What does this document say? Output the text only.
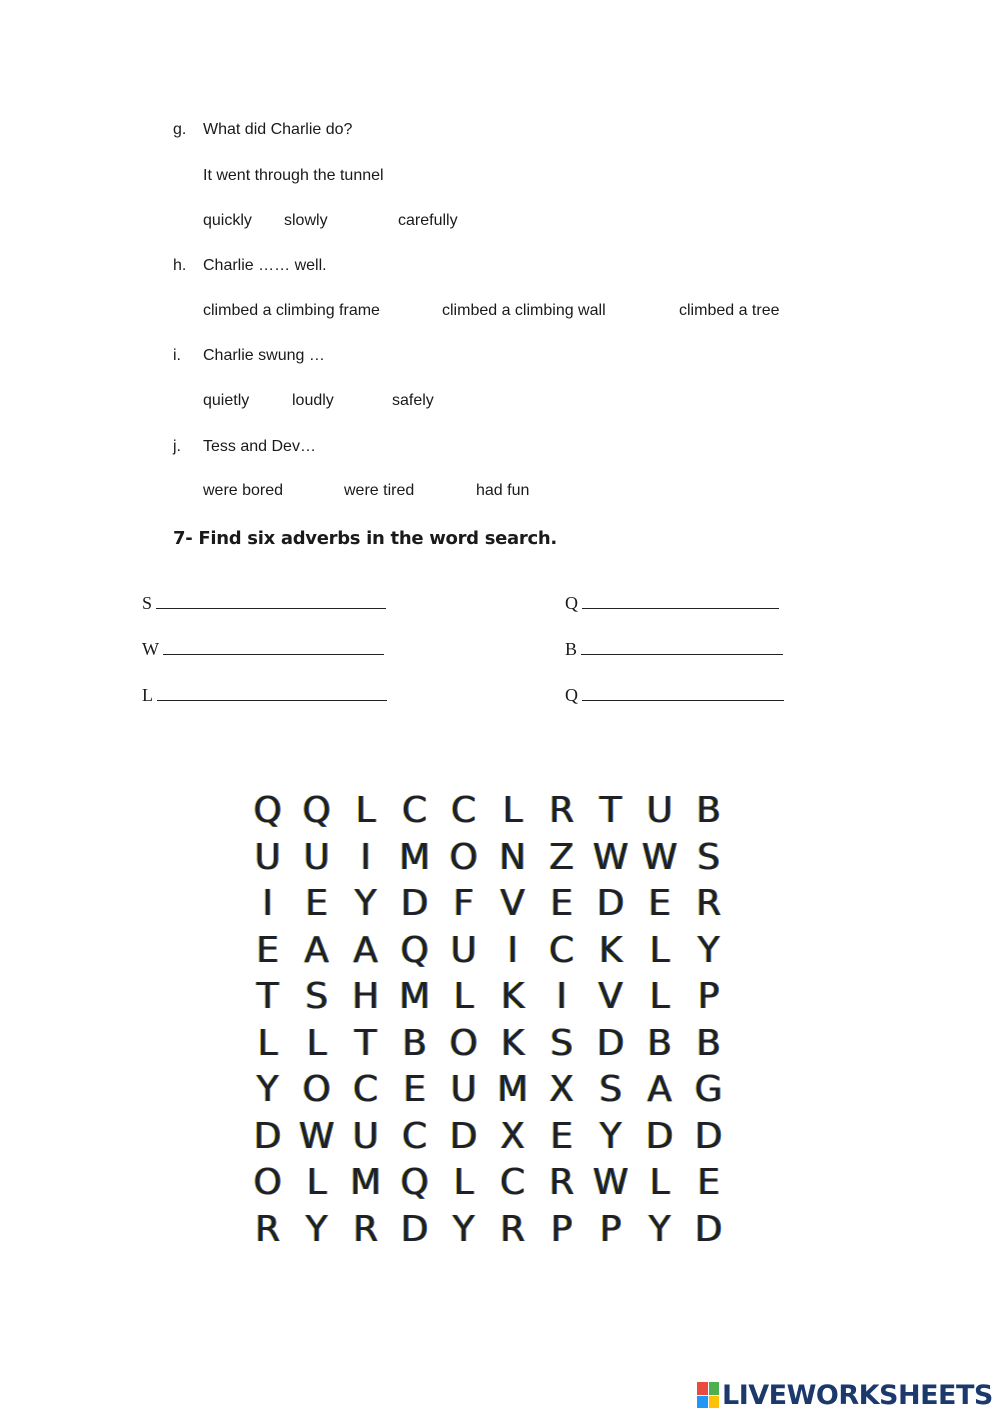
g. What did Charlie do?
It went through the tunnel
quickly slowly	carefully
h. Charlie …… well.
climbed a climbing frame	climbed a climbing wall	climbed a tree
i. Charlie swung …
quietly	loudly	safely
j. Tess and Dev…
were bored	were tired	had fun
7- Find six adverbs in the word search.
S	Q
W	B
L	Q
Q Q L C C L R T U B
U U I M O N Z W W S
I E Y D F V E D E R
E A A Q U I C K L Y
T S H M L K I V L P
L L T B O K S D B B
Y O C E U M X S A G
D W U C D X E Y D D
O L M Q L C R W L E
R Y R D Y R P P Y D
LIVEWORKSHEETS
